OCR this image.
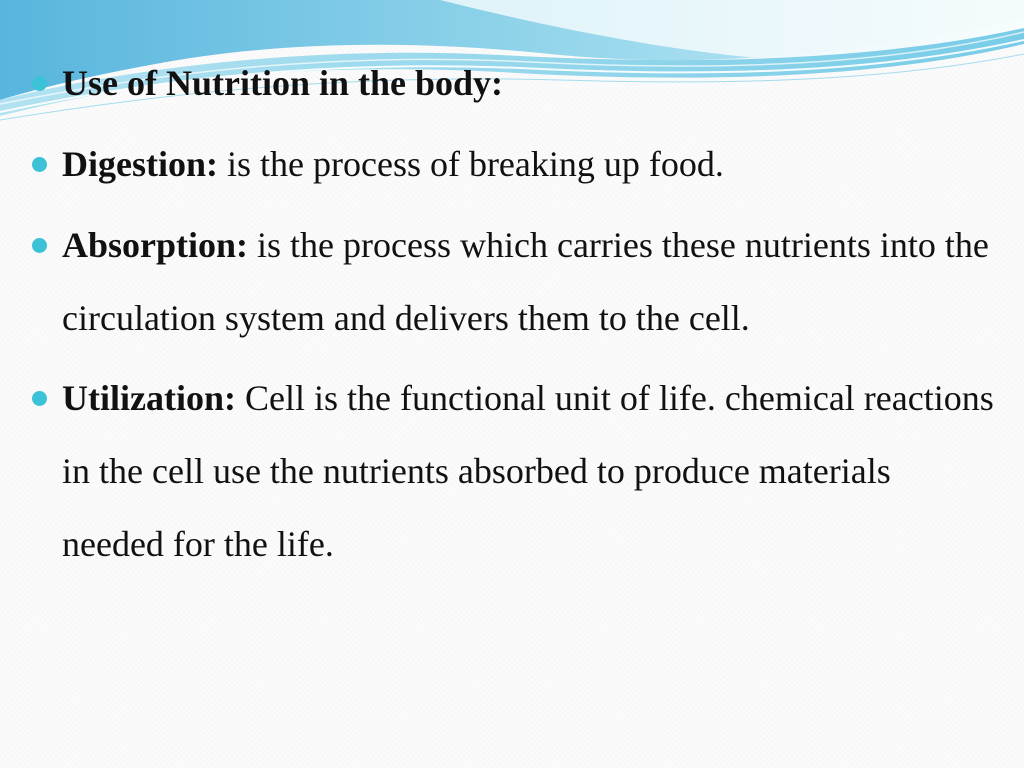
Use of Nutrition in the body:

Digestion: is the process of breaking up food.

Absorption: is the process which carries these nutrients into the circulation system and delivers them to the cell.

Utilization: Cell is the functional unit of life. chemical reactions in the cell use the nutrients absorbed to produce materials needed for the life.
